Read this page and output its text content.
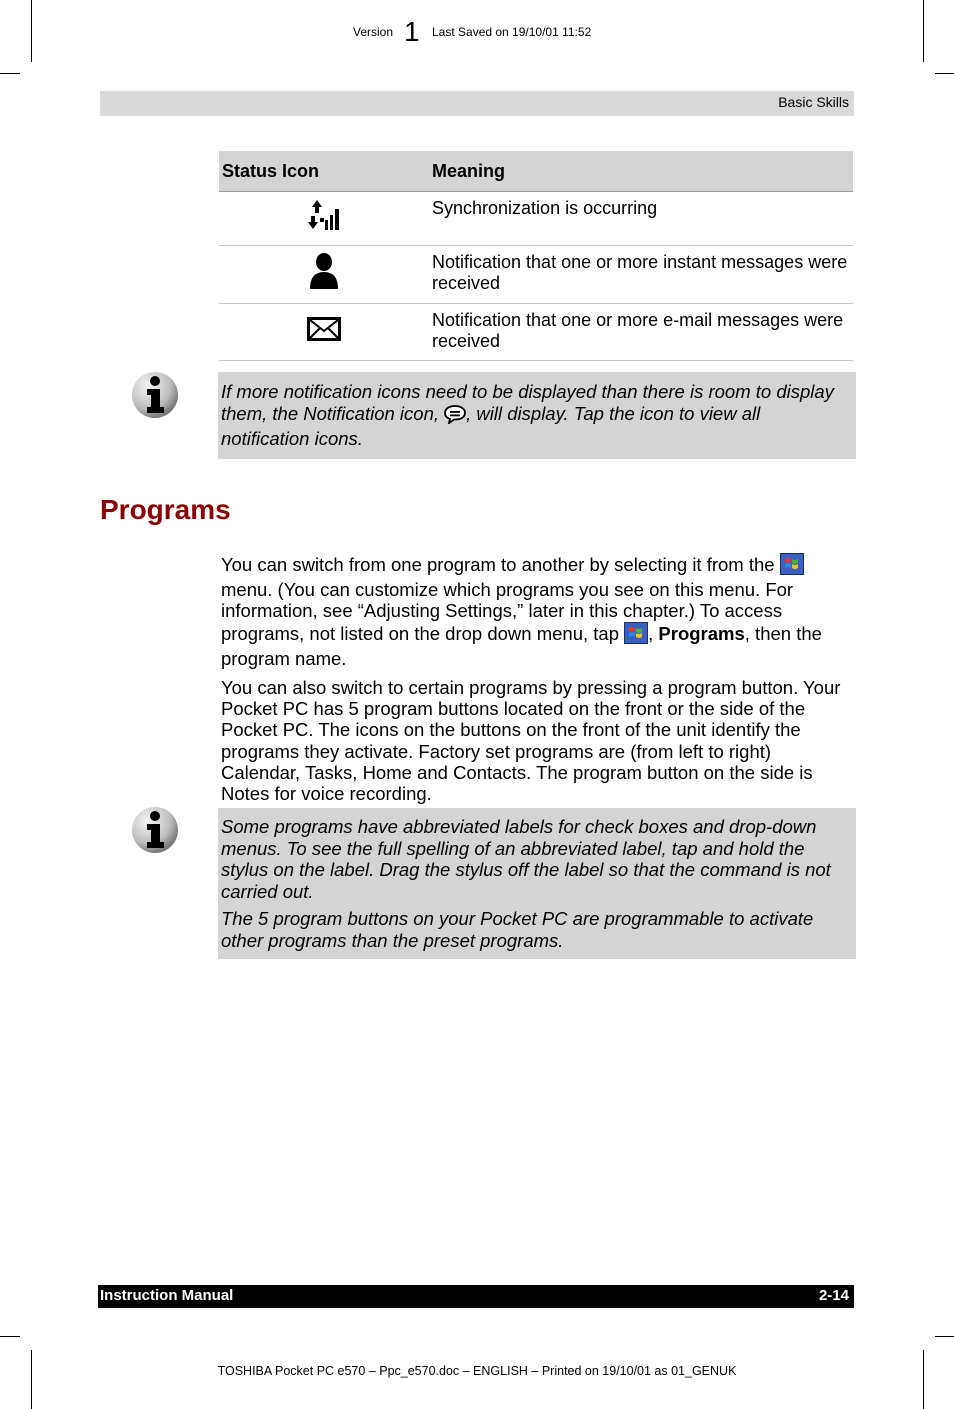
Version 1 Last Saved on 19/10/01 11:52
Basic Skills
Status Icon	Meaning
	Synchronization is occurring
	Notification that one or more instant messages were received
	Notification that one or more e-mail messages were received

If more notification icons need to be displayed than there is room to display them, the Notification icon, , will display. Tap the icon to view all notification icons.

Programs

You can switch from one program to another by selecting it from the  menu. (You can customize which programs you see on this menu. For information, see “Adjusting Settings,” later in this chapter.) To access programs, not listed on the drop down menu, tap , Programs, then the program name.

You can also switch to certain programs by pressing a program button. Your Pocket PC has 5 program buttons located on the front or the side of the Pocket PC. The icons on the buttons on the front of the unit identify the programs they activate. Factory set programs are (from left to right) Calendar, Tasks, Home and Contacts. The program button on the side is Notes for voice recording.

Some programs have abbreviated labels for check boxes and drop-down menus. To see the full spelling of an abbreviated label, tap and hold the stylus on the label. Drag the stylus off the label so that the command is not carried out.

The 5 program buttons on your Pocket PC are programmable to activate other programs than the preset programs.

Instruction Manual	2-14
TOSHIBA Pocket PC e570 – Ppc_e570.doc – ENGLISH – Printed on 19/10/01 as 01_GENUK
